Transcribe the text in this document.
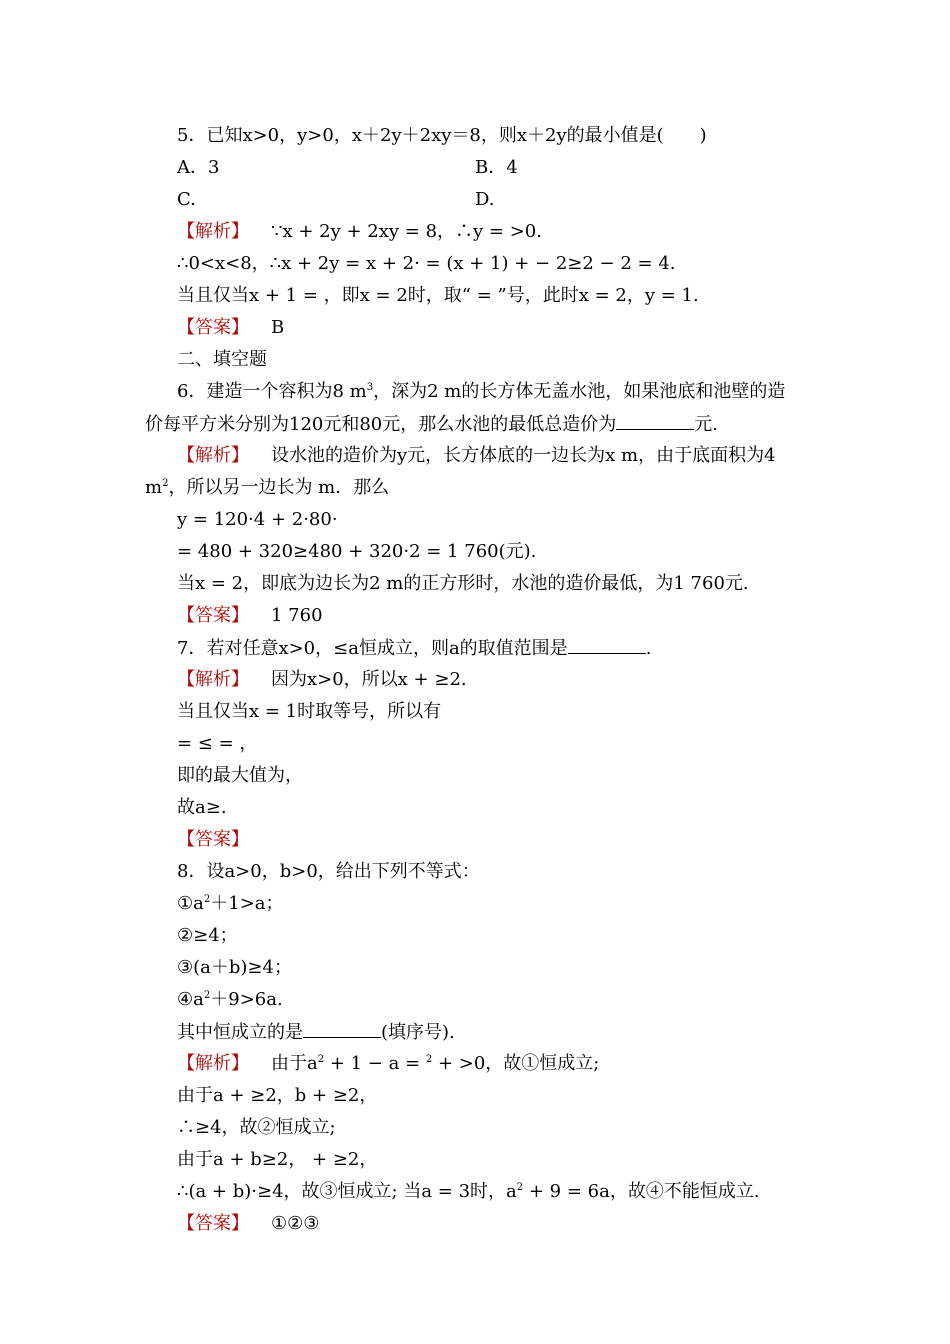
5．已知x>0，y>0，x＋2y＋2xy＝8，则x＋2y的最小值是(　　)
A．3	B．4
C.	D.
【解析】 ∵x + 2y + 2xy = 8，∴y = >0.
∴0<x<8，∴x + 2y = x + 2· = (x + 1) + − 2≥2 − 2 = 4.
当且仅当x + 1 = ，即x = 2时，取“ = ”号，此时x = 2，y = 1.
【答案】 B
二、填空题
6．建造一个容积为8 $m^3$，深为2 m的长方体无盖水池，如果池底和池壁的造
价每平方米分别为120元和80元，那么水池的最低总造价为	元.
【解析】 设水池的造价为y元，长方体底的一边长为x m，由于底面积为4
$m^2$，所以另一边长为 m．那么
y = 120·4 + 2·80·
= 480 + 320≥480 + 320·2 = 1 760(元).
当x = 2，即底为边长为2 m的正方形时，水池的造价最低，为1 760元.
【答案】 1 760
7．若对任意x>0，≤a恒成立，则a的取值范围是	.
【解析】 因为x>0，所以x + ≥2.
当且仅当x = 1时取等号，所以有
= ≤ = ，
即的最大值为，
故a≥.
【答案】
8．设a>0，b>0，给出下列不等式：
$①a^2+1>a$；
②≥4；
③(a＋b)≥4；
$④a^2+9>6a$.
其中恒成立的是	(填序号).
【解析】 由于$a^2 + 1 - a = ^2 + >0$，故①恒成立;
由于a + ≥2，b + ≥2，
∴≥4，故②恒成立;
由于a + b≥2， + ≥2，
∴(a + b)·≥4，故③恒成立; 当a = 3时，$a^2 + 9 = 6a$，故④不能恒成立.
【答案】 ①②③
